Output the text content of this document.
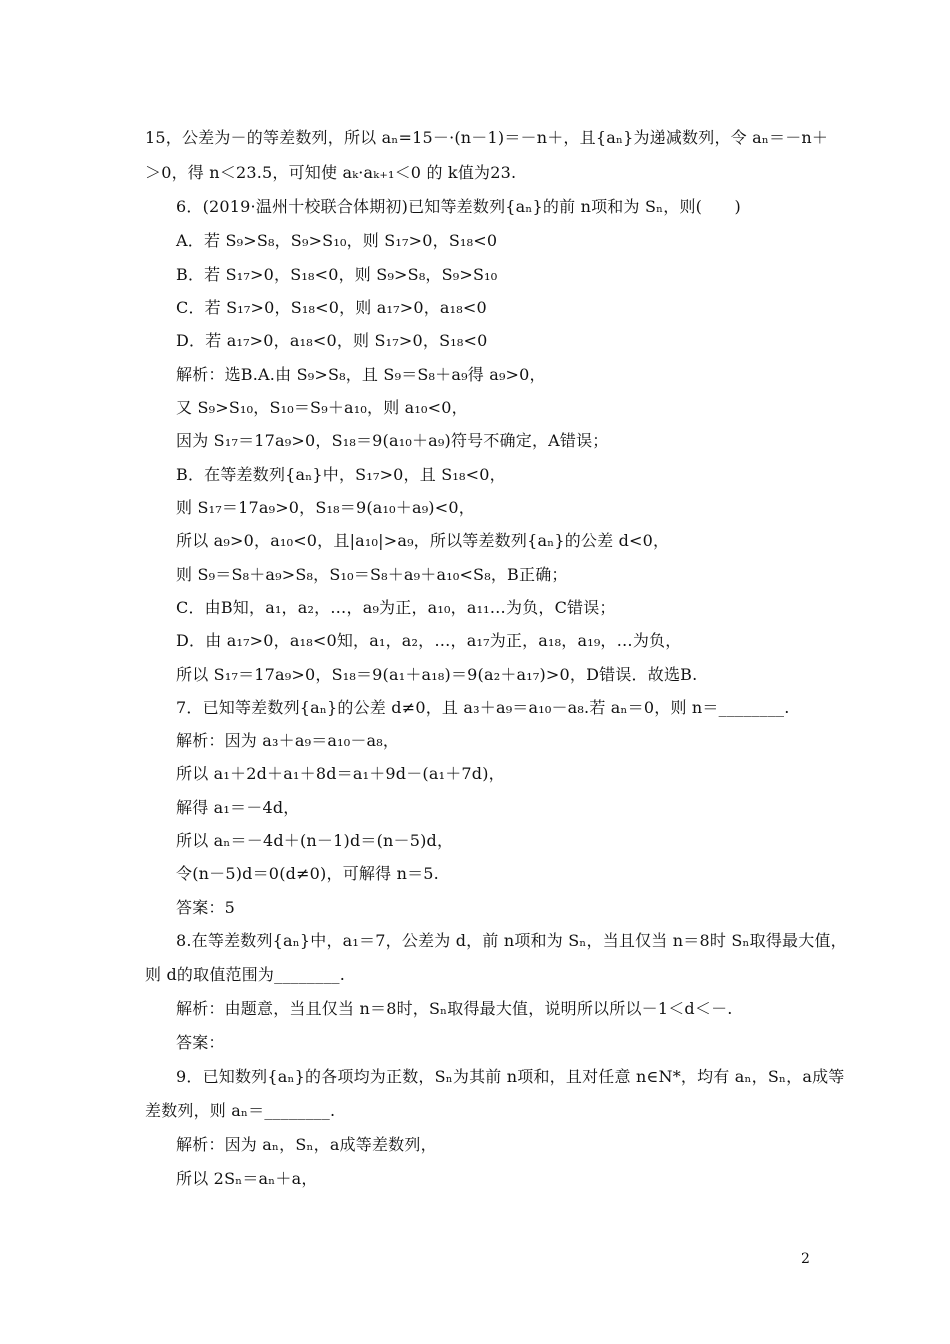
15，公差为－的等差数列，所以 aₙ=15－·(n－1)＝－n＋，且{aₙ}为递减数列，令 aₙ＝－n＋
＞0，得 n＜23.5，可知使 aₖ·aₖ₊₁＜0 的 k值为23.
6．(2019·温州十校联合体期初)已知等差数列{aₙ}的前 n项和为 Sₙ，则(　　)
A．若 S₉>S₈，S₉>S₁₀，则 S₁₇>0，S₁₈<0
B．若 S₁₇>0，S₁₈<0，则 S₉>S₈，S₉>S₁₀
C．若 S₁₇>0，S₁₈<0，则 a₁₇>0，a₁₈<0
D．若 a₁₇>0，a₁₈<0，则 S₁₇>0，S₁₈<0
解析：选B.A.由 S₉>S₈，且 S₉＝S₈＋a₉得 a₉>0，
又 S₉>S₁₀，S₁₀＝S₉＋a₁₀，则 a₁₀<0，
因为 S₁₇＝17a₉>0，S₁₈＝9(a₁₀＋a₉)符号不确定，A错误；
B．在等差数列{aₙ}中，S₁₇>0，且 S₁₈<0，
则 S₁₇＝17a₉>0，S₁₈＝9(a₁₀＋a₉)<0，
所以 a₉>0，a₁₀<0，且|a₁₀|>a₉，所以等差数列{aₙ}的公差 d<0，
则 S₉＝S₈＋a₉>S₈，S₁₀＝S₈＋a₉＋a₁₀<S₈，B正确；
C．由B知，a₁，a₂，…，a₉为正，a₁₀，a₁₁…为负，C错误；
D．由 a₁₇>0，a₁₈<0知，a₁，a₂，…，a₁₇为正，a₁₈，a₁₉，…为负，
所以 S₁₇＝17a₉>0，S₁₈＝9(a₁＋a₁₈)＝9(a₂＋a₁₇)>0，D错误．故选B.
7．已知等差数列{aₙ}的公差 d≠0，且 a₃＋a₉＝a₁₀－a₈.若 aₙ＝0，则 n＝________.
解析：因为 a₃＋a₉＝a₁₀－a₈，
所以 a₁＋2d＋a₁＋8d＝a₁＋9d－(a₁＋7d)，
解得 a₁＝－4d，
所以 aₙ＝－4d＋(n－1)d＝(n－5)d，
令(n－5)d＝0(d≠0)，可解得 n＝5.
答案：5
8.在等差数列{aₙ}中，a₁＝7，公差为 d，前 n项和为 Sₙ，当且仅当 n＝8时 Sₙ取得最大值，
则 d的取值范围为________.
解析：由题意，当且仅当 n＝8时，Sₙ取得最大值，说明所以所以－1＜d＜－.
答案：
9．已知数列{aₙ}的各项均为正数，Sₙ为其前 n项和，且对任意 n∈N*，均有 aₙ，Sₙ，a成等
差数列，则 aₙ＝________.
解析：因为 aₙ，Sₙ，a成等差数列，
所以 2Sₙ＝aₙ＋a，
2
